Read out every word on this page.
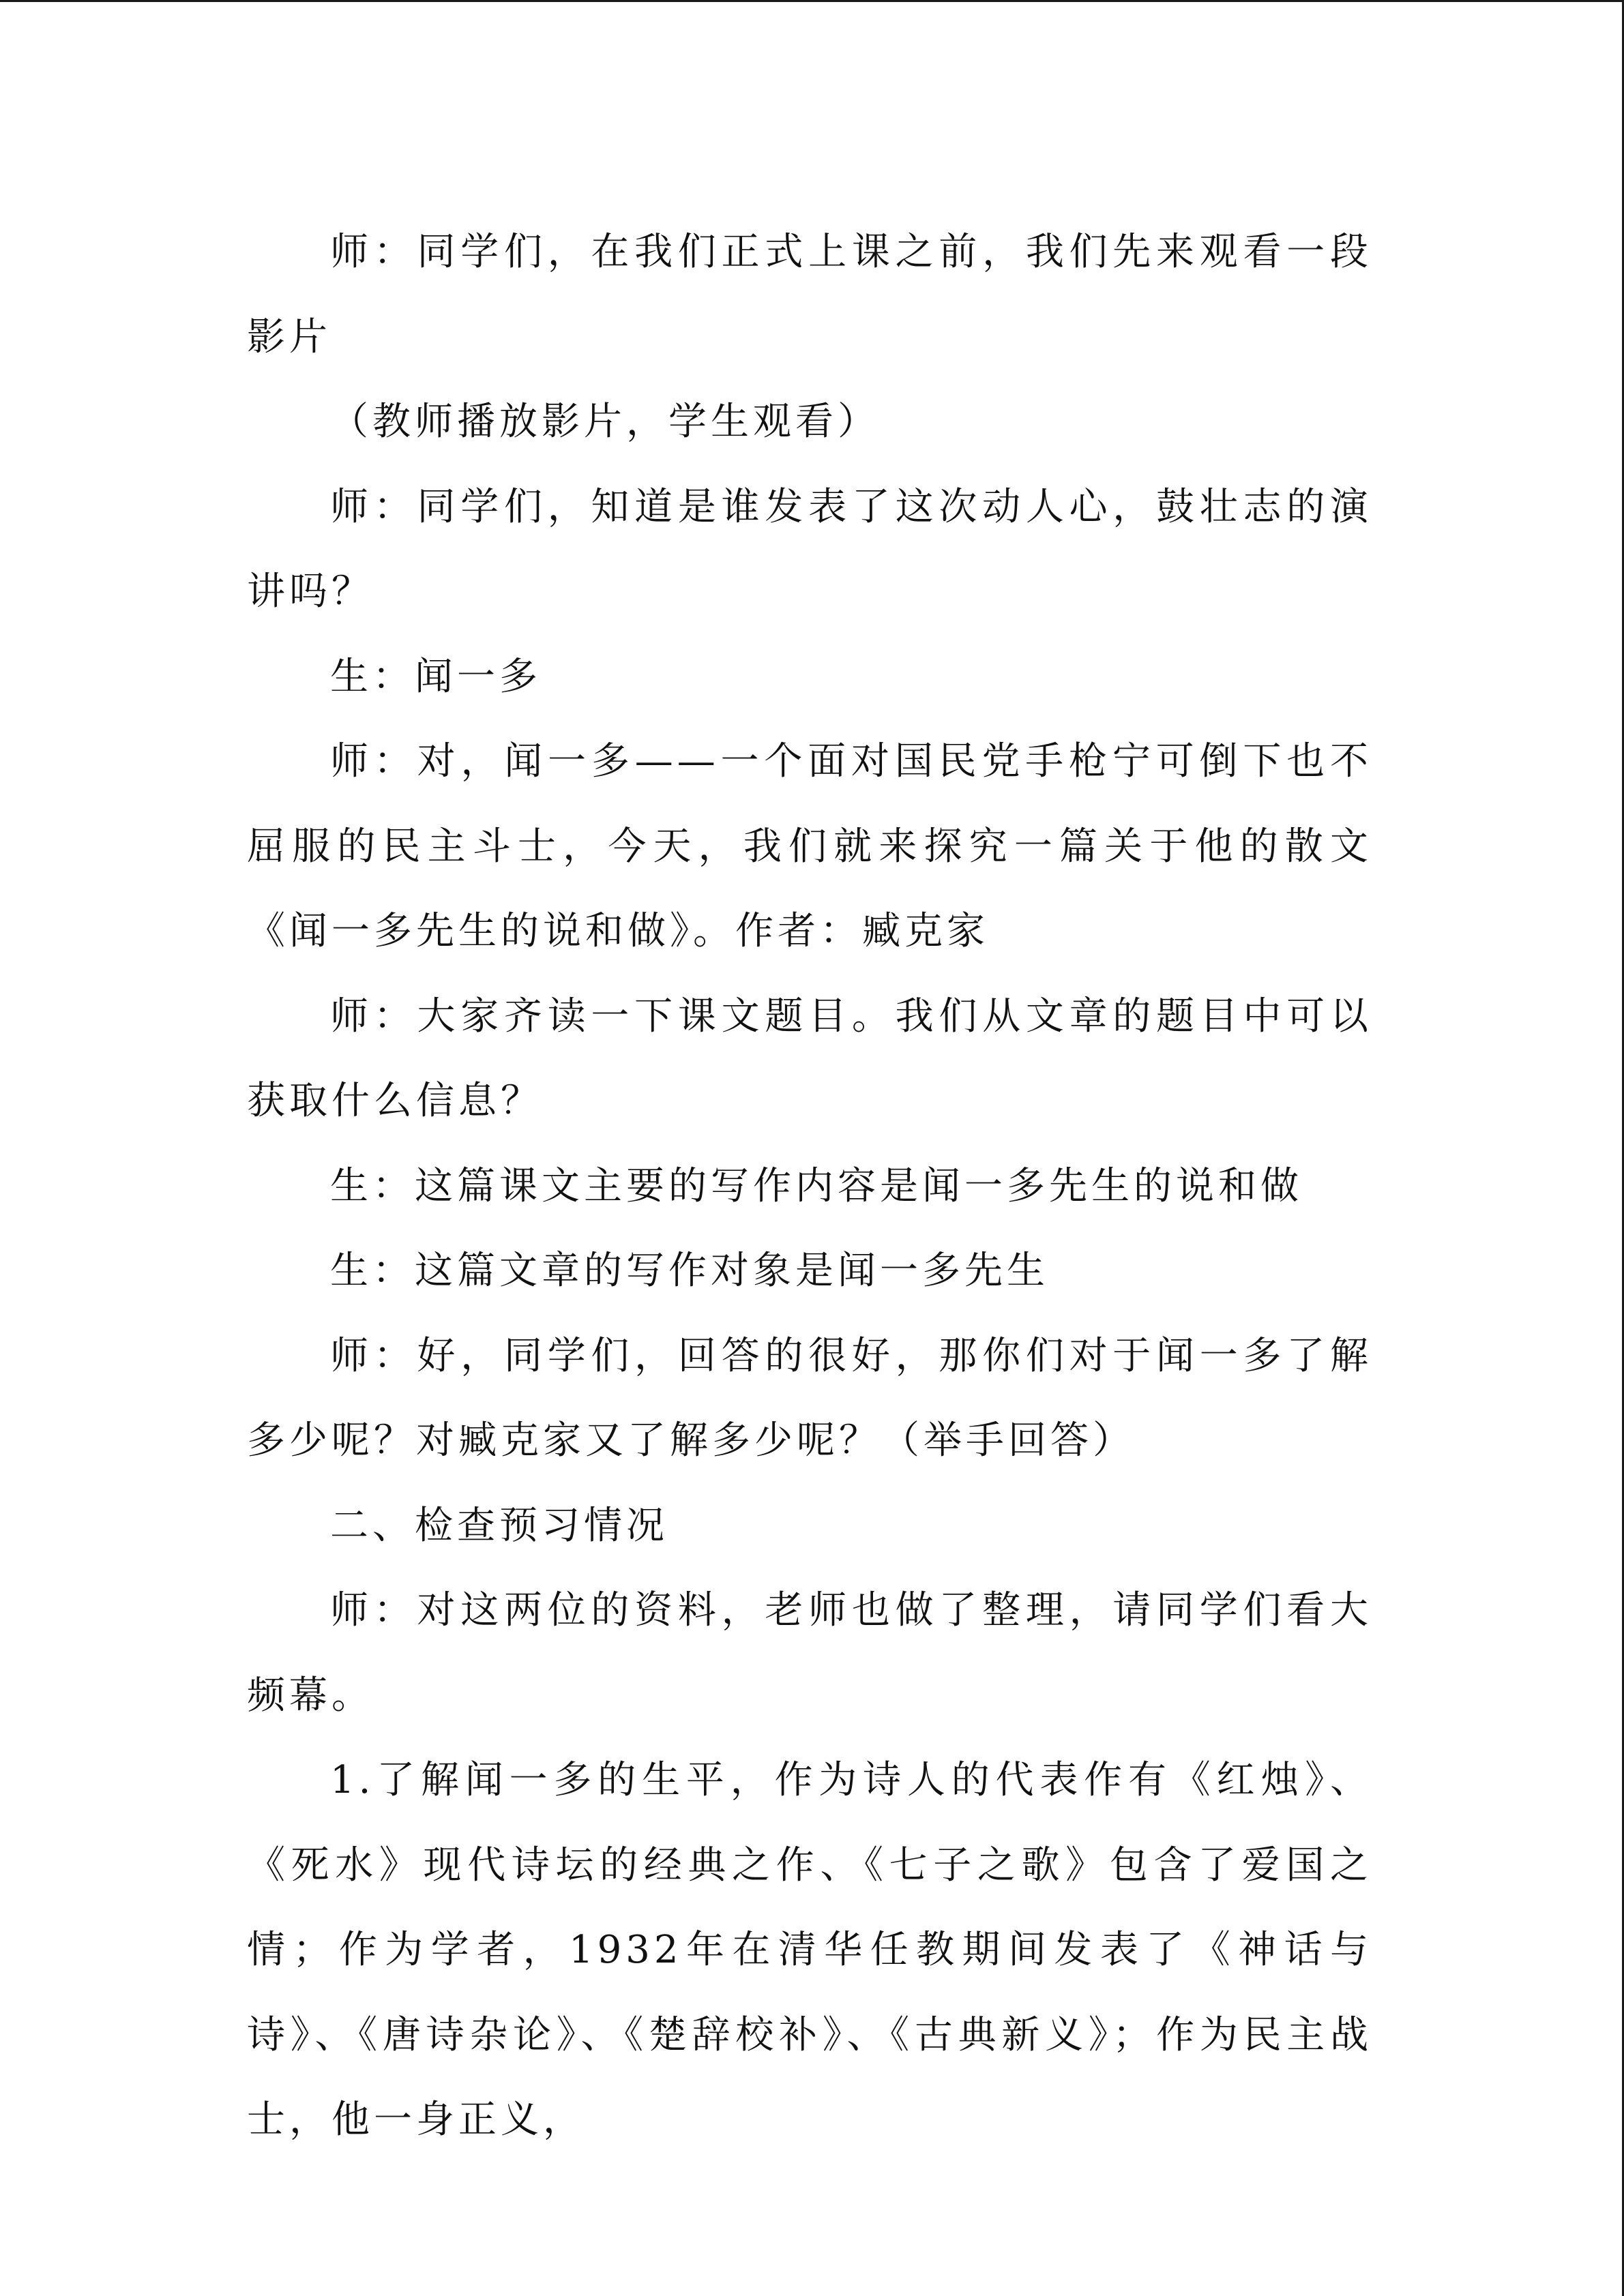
师：同学们，在我们正式上课之前，我们先来观看一段影片

（教师播放影片，学生观看）

师：同学们，知道是谁发表了这次动人心，鼓壮志的演讲吗？

生：闻一多

师：对，闻一多——一个面对国民党手枪宁可倒下也不屈服的民主斗士，今天，我们就来探究一篇关于他的散文《闻一多先生的说和做》。作者：臧克家

师：大家齐读一下课文题目。我们从文章的题目中可以获取什么信息？

生：这篇课文主要的写作内容是闻一多先生的说和做

生：这篇文章的写作对象是闻一多先生

师：好，同学们，回答的很好，那你们对于闻一多了解多少呢？对臧克家又了解多少呢？（举手回答）

二、检查预习情况

师：对这两位的资料，老师也做了整理，请同学们看大频幕。

1.了解闻一多的生平，作为诗人的代表作有《红烛》、《死水》现代诗坛的经典之作、《七子之歌》包含了爱国之情；作为学者，1932年在清华任教期间发表了《神话与诗》、《唐诗杂论》、《楚辞校补》、《古典新义》；作为民主战士，他一身正义，
